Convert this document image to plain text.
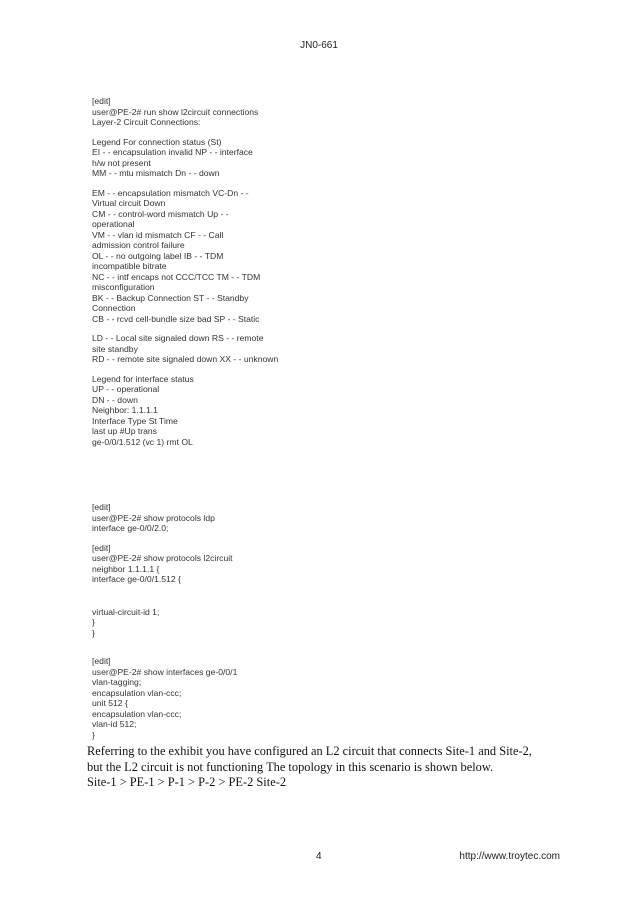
JN0-661
[edit]
user@PE-2# run show l2circuit connections
Layer-2 Circuit Connections:
Legend For connection status (St)
EI - - encapsulation invalid NP - - interface
h/w not present
MM - - mtu mismatch Dn - - down
EM - - encapsulation mismatch VC-Dn - -
Virtual circuit Down
CM - - control-word mismatch Up - -
operational
VM - - vlan id mismatch CF - - Call
admission control failure
OL - - no outgoing label IB - - TDM
incompatible bitrate
NC - - intf encaps not CCC/TCC TM - - TDM
misconfiguration
BK - - Backup Connection ST - - Standby
Connection
CB - - rcvd cell-bundle size bad SP - - Static
LD - - Local site signaled down RS - - remote
site standby
RD - - remote site signaled down XX - - unknown
Legend for interface status
UP - - operational
DN - - down
Neighbor: 1.1.1.1
Interface Type St Time
last up #Up trans
ge-0/0/1.512 (vc 1) rmt OL
[edit]
user@PE-2# show protocols ldp
interface ge-0/0/2.0;
[edit]
user@PE-2# show protocols l2circuit
neighbor 1.1.1.1 {
interface ge-0/0/1.512 {
virtual-circuit-id 1;
}
}
[edit]
user@PE-2# show interfaces ge-0/0/1
vlan-tagging;
encapsulation vlan-ccc;
unit 512 {
encapsulation vlan-ccc;
vlan-id 512;
}

Referring to the exhibit you have configured an L2 circuit that connects Site-1 and Site-2,

but the L2 circuit is not functioning The topology in this scenario is shown below.

Site-1 > PE-1 > P-1 > P-2 > PE-2 Site-2

4	http://www.troytec.com
